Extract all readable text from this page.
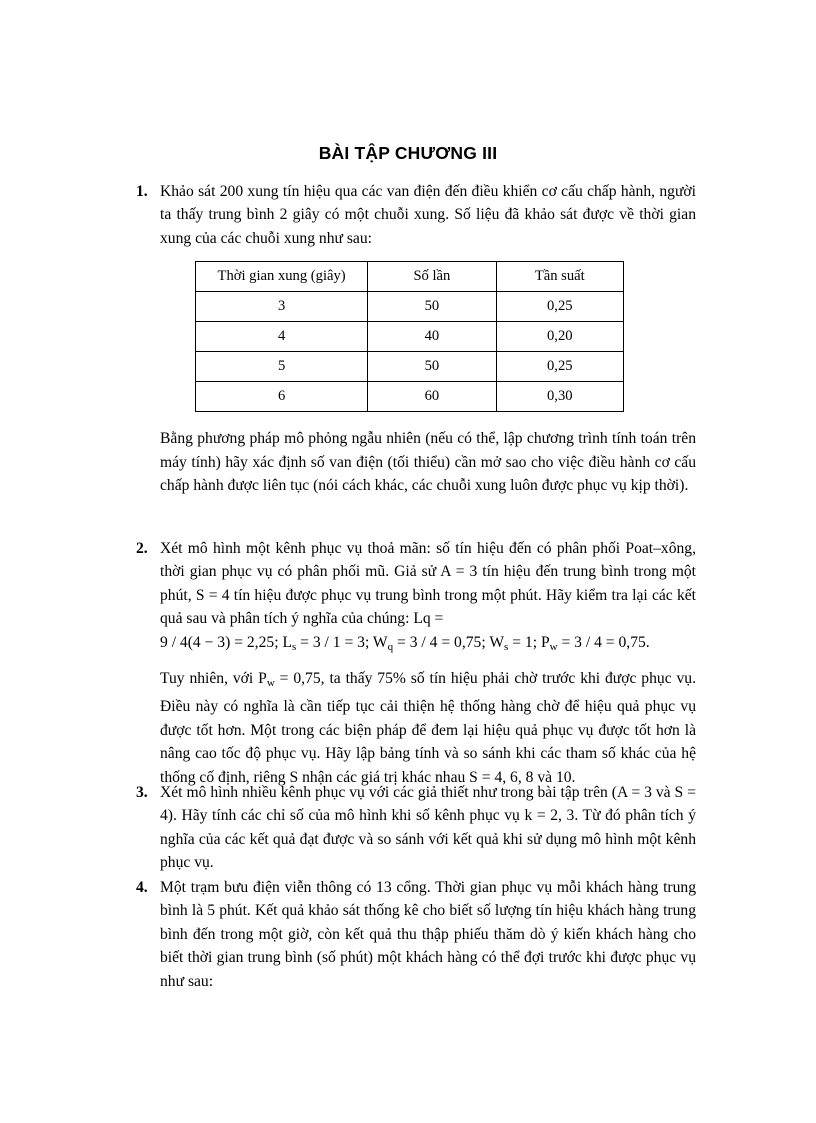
BÀI TẬP CHƯƠNG III
1. Khảo sát 200 xung tín hiệu qua các van điện đến điều khiển cơ cấu chấp hành, người ta thấy trung bình 2 giây có một chuỗi xung. Số liệu đã khảo sát được về thời gian xung của các chuỗi xung như sau:

Thời gian xung (giây)	Số lần	Tần suất
3	50	0,25
4	40	0,20
5	50	0,25
6	60	0,30

Bằng phương pháp mô phỏng ngẫu nhiên (nếu có thể, lập chương trình tính toán trên máy tính) hãy xác định số van điện (tối thiểu) cần mở sao cho việc điều hành cơ cấu chấp hành được liên tục (nói cách khác, các chuỗi xung luôn được phục vụ kịp thời).

2. Xét mô hình một kênh phục vụ thoả mãn: số tín hiệu đến có phân phối Poat–xông, thời gian phục vụ có phân phối mũ. Giả sử A = 3 tín hiệu đến trung bình trong một phút, S = 4 tín hiệu được phục vụ trung bình trong một phút. Hãy kiểm tra lại các kết quả sau và phân tích ý nghĩa của chúng: Lq =

9 / 4(4 − 3) = 2,25; $L_s = 3 / 1 = 3$; $W_q = 3 / 4 = 0,75$; $W_s = 1$; $P_w = 3 / 4 = 0,75$.

Tuy nhiên, với $P_w = 0,75$, ta thấy 75% số tín hiệu phải chờ trước khi được phục vụ. Điều này có nghĩa là cần tiếp tục cải thiện hệ thống hàng chờ để hiệu quả phục vụ được tốt hơn. Một trong các biện pháp để đem lại hiệu quả phục vụ được tốt hơn là nâng cao tốc độ phục vụ. Hãy lập bảng tính và so sánh khi các tham số khác của hệ thống cố định, riêng S nhận các giá trị khác nhau S = 4, 6, 8 và 10.

3. Xét mô hình nhiều kênh phục vụ với các giả thiết như trong bài tập trên (A = 3 và S = 4). Hãy tính các chỉ số của mô hình khi số kênh phục vụ k = 2, 3. Từ đó phân tích ý nghĩa của các kết quả đạt được và so sánh với kết quả khi sử dụng mô hình một kênh phục vụ.

4. Một trạm bưu điện viễn thông có 13 cổng. Thời gian phục vụ mỗi khách hàng trung bình là 5 phút. Kết quả khảo sát thống kê cho biết số lượng tín hiệu khách hàng trung bình đến trong một giờ, còn kết quả thu thập phiếu thăm dò ý kiến khách hàng cho biết thời gian trung bình (số phút) một khách hàng có thể đợi trước khi được phục vụ như sau:
